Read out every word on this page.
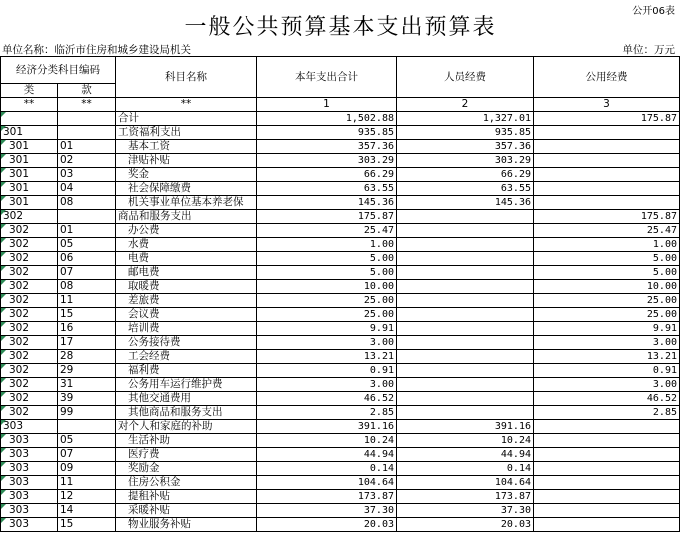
公开06表
一般公共预算基本支出预算表
单位名称：临沂市住房和城乡建设局机关	单位：万元
经济分类科目编码		科目名称	本年支出合计	人员经费	公用经费
类	款				
**	**	**	1	2	3
		合计	1,502.88	1,327.01	175.87
301		工资福利支出	935.85	935.85	
301	01	基本工资	357.36	357.36	
301	02	津贴补贴	303.29	303.29	
301	03	奖金	66.29	66.29	
301	04	社会保障缴费	63.55	63.55	
301	08	机关事业单位基本养老保	145.36	145.36	
302		商品和服务支出	175.87		175.87
302	01	办公费	25.47		25.47
302	05	水费	1.00		1.00
302	06	电费	5.00		5.00
302	07	邮电费	5.00		5.00
302	08	取暖费	10.00		10.00
302	11	差旅费	25.00		25.00
302	15	会议费	25.00		25.00
302	16	培训费	9.91		9.91
302	17	公务接待费	3.00		3.00
302	28	工会经费	13.21		13.21
302	29	福利费	0.91		0.91
302	31	公务用车运行维护费	3.00		3.00
302	39	其他交通费用	46.52		46.52
302	99	其他商品和服务支出	2.85		2.85
303		对个人和家庭的补助	391.16	391.16	
303	05	生活补助	10.24	10.24	
303	07	医疗费	44.94	44.94	
303	09	奖励金	0.14	0.14	
303	11	住房公积金	104.64	104.64	
303	12	提租补贴	173.87	173.87	
303	14	采暖补贴	37.30	37.30	
303	15	物业服务补贴	20.03	20.03	
